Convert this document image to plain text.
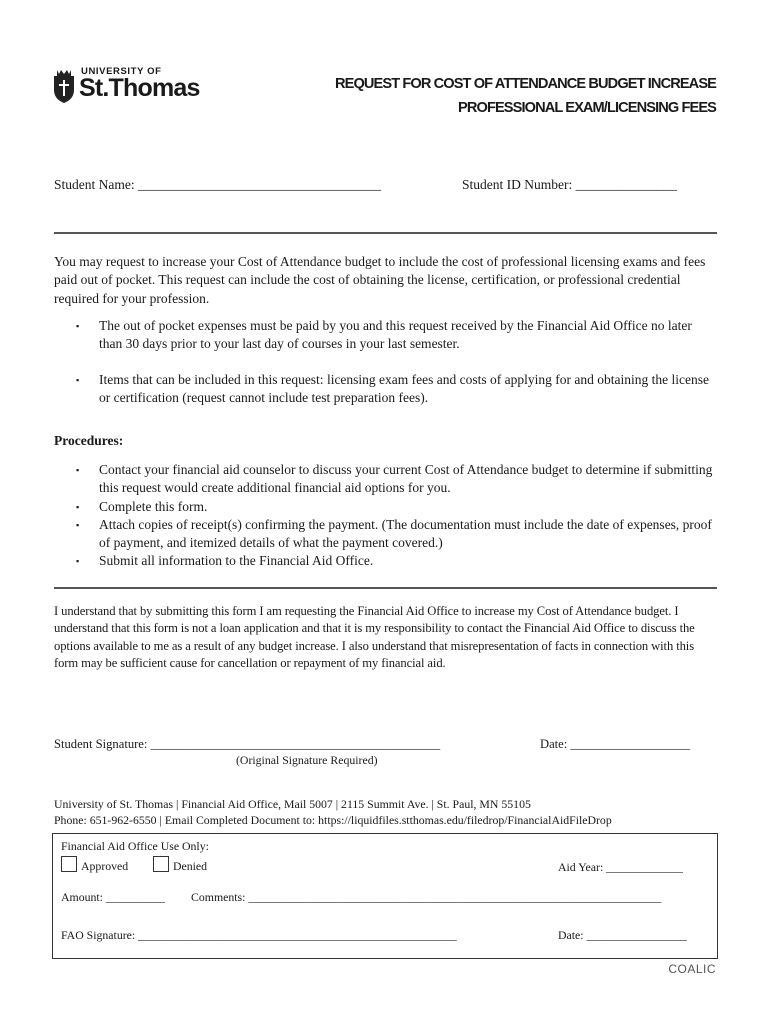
UNIVERSITY OF
St.Thomas	REQUEST FOR COST OF ATTENDANCE BUDGET INCREASE
PROFESSIONAL EXAM/LICENSING FEES
Student Name: ____________________________________	Student ID Number: _______________
You may request to increase your Cost of Attendance budget to include the cost of professional licensing exams and fees paid out of pocket. This request can include the cost of obtaining the license, certification, or professional credential required for your profession.
▪ The out of pocket expenses must be paid by you and this request received by the Financial Aid Office no later than 30 days prior to your last day of courses in your last semester.
▪ Items that can be included in this request: licensing exam fees and costs of applying for and obtaining the license or certification (request cannot include test preparation fees).
Procedures:
▪ Contact your financial aid counselor to discuss your current Cost of Attendance budget to determine if submitting this request would create additional financial aid options for you.
▪ Complete this form.
▪ Attach copies of receipt(s) confirming the payment. (The documentation must include the date of expenses, proof of payment, and itemized details of what the payment covered.)
▪ Submit all information to the Financial Aid Office.
I understand that by submitting this form I am requesting the Financial Aid Office to increase my Cost of Attendance budget. I understand that this form is not a loan application and that it is my responsibility to contact the Financial Aid Office to discuss the options available to me as a result of any budget increase. I also understand that misrepresentation of facts in connection with this form may be sufficient cause for cancellation or repayment of my financial aid.
Student Signature: ______________________________________________	Date: ___________________
(Original Signature Required)
University of St. Thomas | Financial Aid Office, Mail 5007 | 2115 Summit Ave. | St. Paul, MN 55105
Phone: 651-962-6550 | Email Completed Document to: https://liquidfiles.stthomas.edu/filedrop/FinancialAidFileDrop
Financial Aid Office Use Only:
Approved	Denied	Aid Year: _____________
Amount: __________ Comments: ______________________________________________________________________
FAO Signature: ______________________________________________________	Date: _________________
COALIC
